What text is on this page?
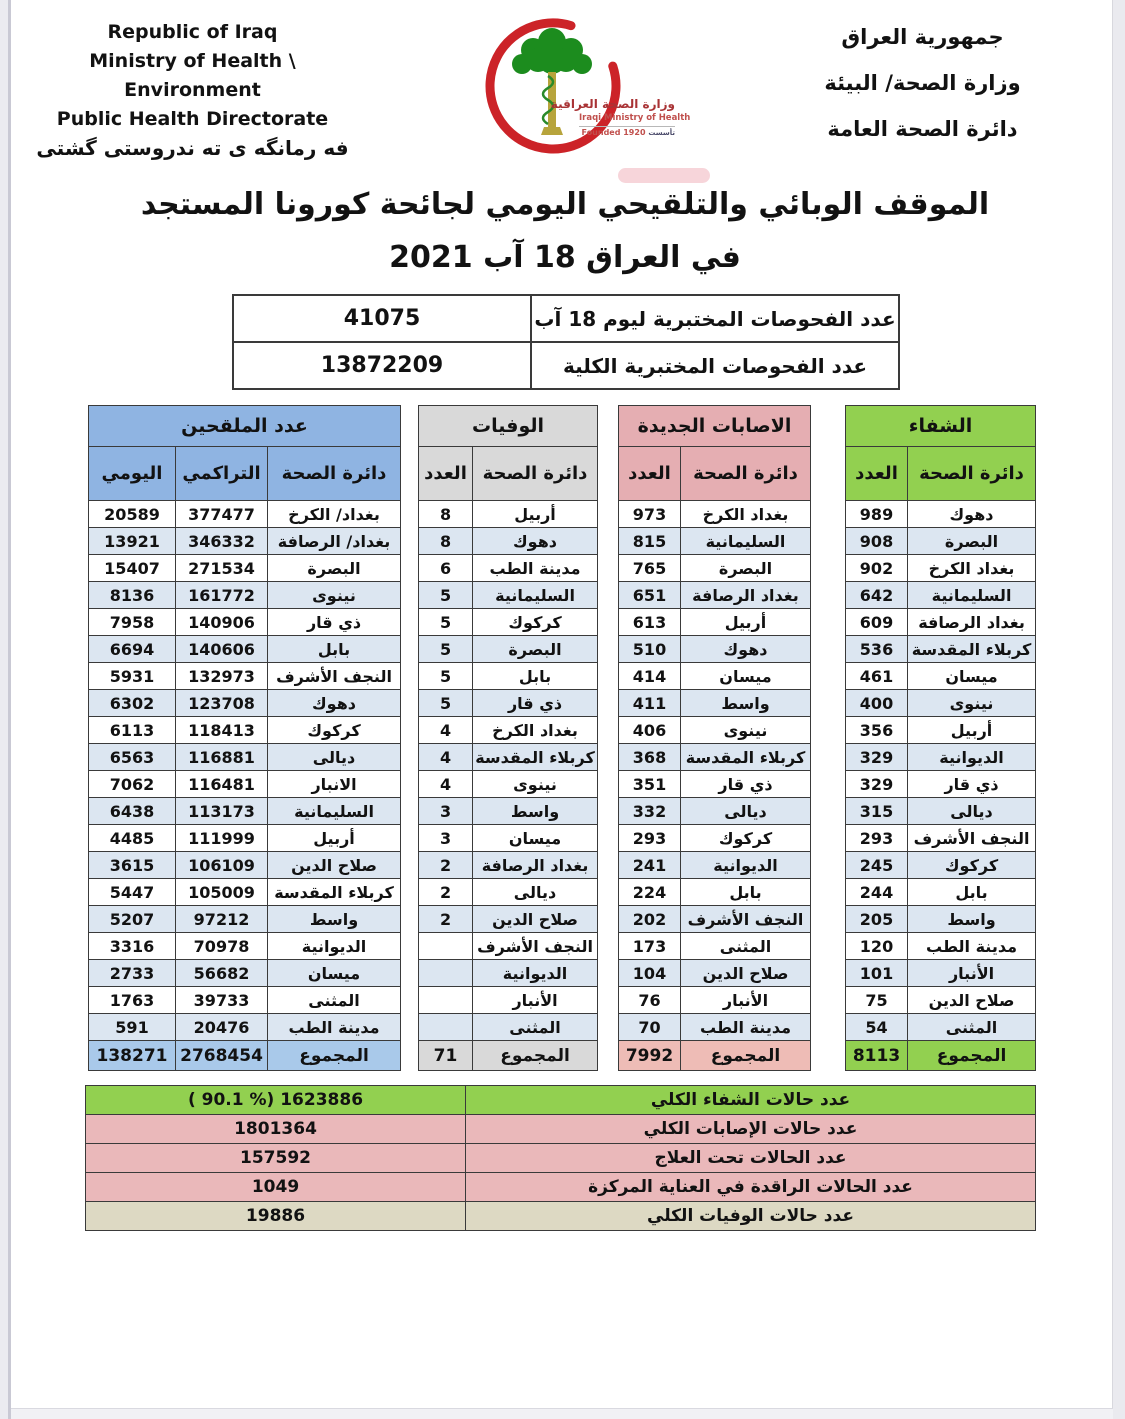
Republic of Iraq
Ministry of Health \ Environment
Public Health Directorate
فه رمانگه ی ته ندروستی گشتی
وزارة الصحة العراقية
Iraqi Ministry of Health
Founded 1920 تأسست
جمهورية العراق
وزارة الصحة/ البيئة
دائرة الصحة العامة
الموقف الوبائي والتلقيحي اليومي لجائحة كورونا المستجد
في العراق 18 آب 2021
عدد الفحوصات المختبرية ليوم 18 آب	41075
عدد الفحوصات المختبرية الكلية	13872209
عدد الملقحين		
دائرة الصحة	التراكمي	اليومي
بغداد/ الكرخ	377477	20589
بغداد/ الرصافة	346332	13921
البصرة	271534	15407
نينوى	161772	8136
ذي قار	140906	7958
بابل	140606	6694
النجف الأشرف	132973	5931
دهوك	123708	6302
كركوك	118413	6113
ديالى	116881	6563
الانبار	116481	7062
السليمانية	113173	6438
أربيل	111999	4485
صلاح الدين	106109	3615
كربلاء المقدسة	105009	5447
واسط	97212	5207
الديوانية	70978	3316
ميسان	56682	2733
المثنى	39733	1763
مدينة الطب	20476	591
المجموع	2768454	138271
الوفيات	
دائرة الصحة	العدد
أربيل	8
دهوك	8
مدينة الطب	6
السليمانية	5
كركوك	5
البصرة	5
بابل	5
ذي قار	5
بغداد الكرخ	4
كربلاء المقدسة	4
نينوى	4
واسط	3
ميسان	3
بغداد الرصافة	2
ديالى	2
صلاح الدين	2
النجف الأشرف	
الديوانية	
الأنبار	
المثنى	
المجموع	71
الاصابات الجديدة	
دائرة الصحة	العدد
بغداد الكرخ	973
السليمانية	815
البصرة	765
بغداد الرصافة	651
أربيل	613
دهوك	510
ميسان	414
واسط	411
نينوى	406
كربلاء المقدسة	368
ذي قار	351
ديالى	332
كركوك	293
الديوانية	241
بابل	224
النجف الأشرف	202
المثنى	173
صلاح الدين	104
الأنبار	76
مدينة الطب	70
المجموع	7992
الشفاء	
دائرة الصحة	العدد
دهوك	989
البصرة	908
بغداد الكرخ	902
السليمانية	642
بغداد الرصافة	609
كربلاء المقدسة	536
ميسان	461
نينوى	400
أربيل	356
الديوانية	329
ذي قار	329
ديالى	315
النجف الأشرف	293
كركوك	245
بابل	244
واسط	205
مدينة الطب	120
الأنبار	101
صلاح الدين	75
المثنى	54
المجموع	8113
عدد حالات الشفاء الكلي	( 90.1 %) 1623886
عدد حالات الإصابات الكلي	1801364
عدد الحالات تحت العلاج	157592
عدد الحالات الراقدة في العناية المركزة	1049
عدد حالات الوفيات الكلي	19886
